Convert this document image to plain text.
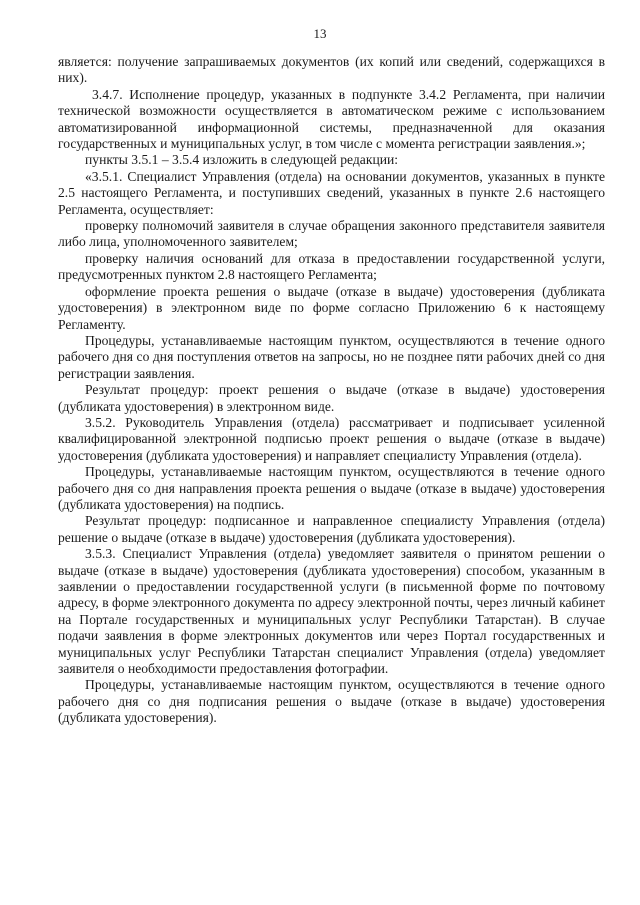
13

является: получение запрашиваемых документов (их копий или сведений, содержащихся в них).

3.4.7. Исполнение процедур, указанных в подпункте 3.4.2 Регламента, при наличии технической возможности осуществляется в автоматическом режиме с использованием автоматизированной информационной системы, предназначенной для оказания государственных и муниципальных услуг, в том числе с момента регистрации заявления.»;

пункты 3.5.1 – 3.5.4 изложить в следующей редакции:

«3.5.1. Специалист Управления (отдела) на основании документов, указанных в пункте 2.5 настоящего Регламента, и поступивших сведений, указанных в пункте 2.6 настоящего Регламента, осуществляет:

проверку полномочий заявителя в случае обращения законного представителя заявителя либо лица, уполномоченного заявителем;

проверку наличия оснований для отказа в предоставлении государственной услуги, предусмотренных пунктом 2.8 настоящего Регламента;

оформление проекта решения о выдаче (отказе в выдаче) удостоверения (дубликата удостоверения) в электронном виде по форме согласно Приложению 6 к настоящему Регламенту.

Процедуры, устанавливаемые настоящим пунктом, осуществляются в течение одного рабочего дня со дня поступления ответов на запросы, но не позднее пяти рабочих дней со дня регистрации заявления.

Результат процедур: проект решения о выдаче (отказе в выдаче) удостоверения (дубликата удостоверения) в электронном виде.

3.5.2. Руководитель Управления (отдела) рассматривает и подписывает усиленной квалифицированной электронной подписью проект решения о выдаче (отказе в выдаче) удостоверения (дубликата удостоверения) и направляет специалисту Управления (отдела).

Процедуры, устанавливаемые настоящим пунктом, осуществляются в течение одного рабочего дня со дня направления проекта решения о выдаче (отказе в выдаче) удостоверения (дубликата удостоверения) на подпись.

Результат процедур: подписанное и направленное специалисту Управления (отдела) решение о выдаче (отказе в выдаче) удостоверения (дубликата удостоверения).

3.5.3. Специалист Управления (отдела) уведомляет заявителя о принятом решении о выдаче (отказе в выдаче) удостоверения (дубликата удостоверения) способом, указанным в заявлении о предоставлении государственной услуги (в письменной форме по почтовому адресу, в форме электронного документа по адресу электронной почты, через личный кабинет на Портале государственных и муниципальных услуг Республики Татарстан). В случае подачи заявления в форме электронных документов или через Портал государственных и муниципальных услуг Республики Татарстан специалист Управления (отдела) уведомляет заявителя о необходимости предоставления фотографии.

Процедуры, устанавливаемые настоящим пунктом, осуществляются в течение одного рабочего дня со дня подписания решения о выдаче (отказе в выдаче) удостоверения (дубликата удостоверения).
